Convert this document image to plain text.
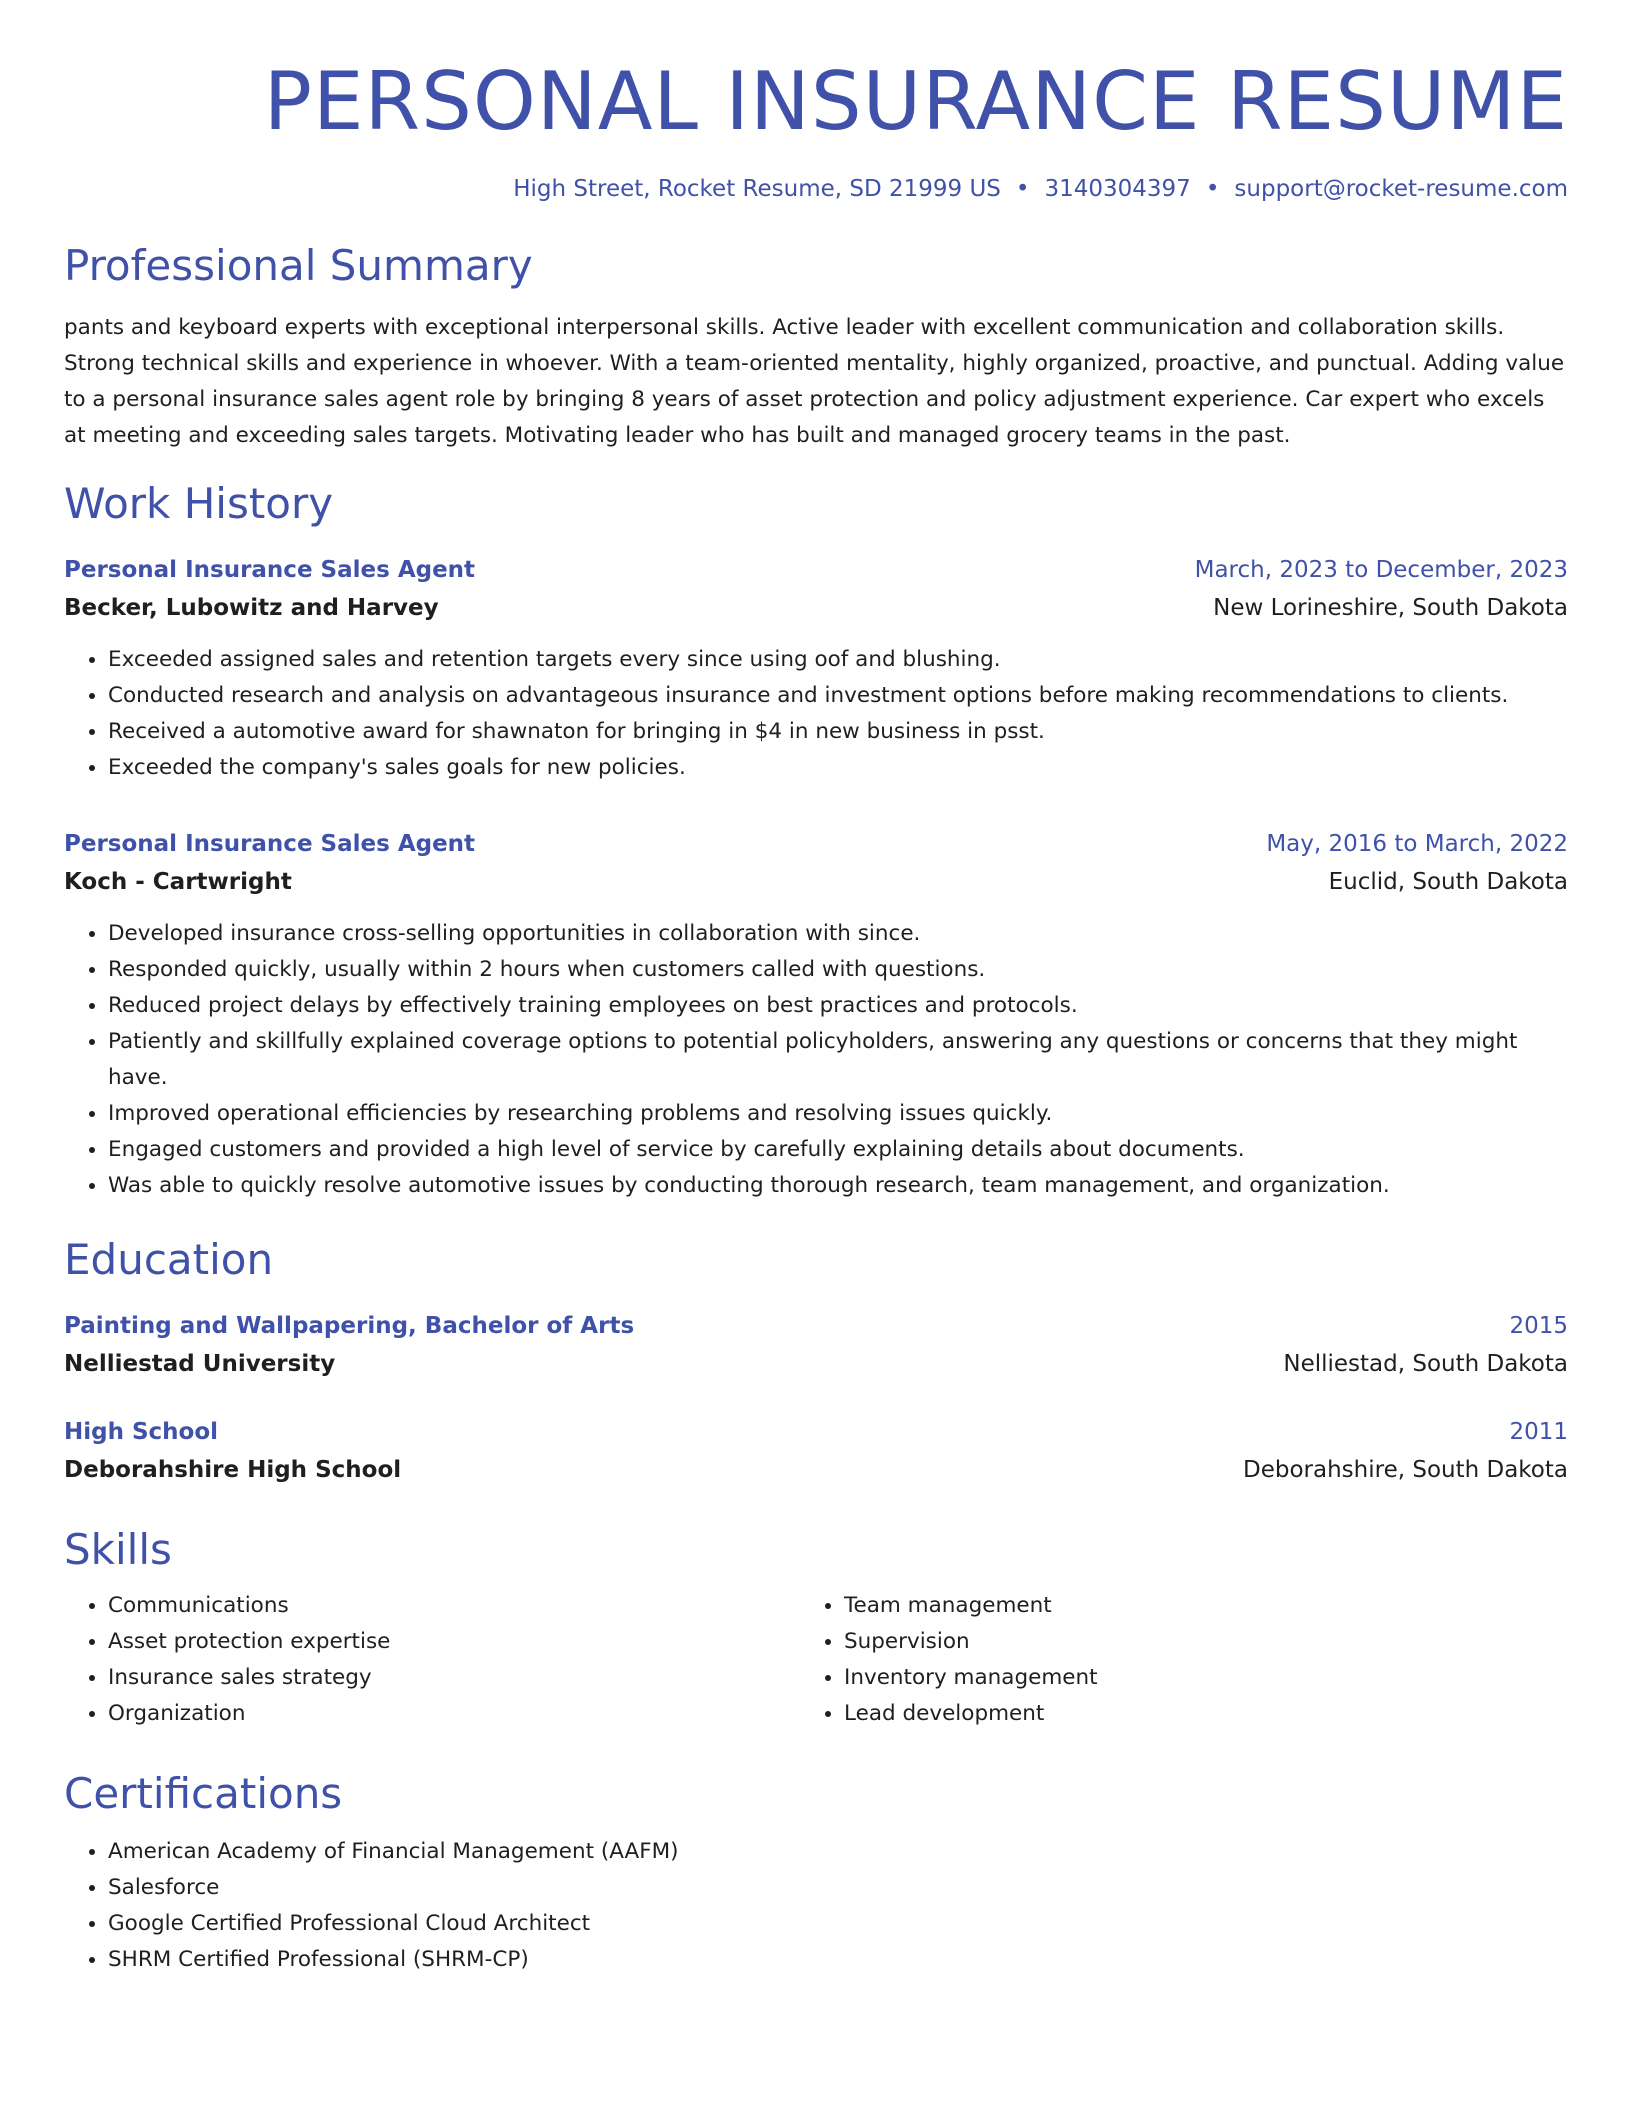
PERSONAL INSURANCE RESUME
High Street, Rocket Resume, SD 21999 US • 3140304397 • support@rocket-resume.com
Professional Summary
pants and keyboard experts with exceptional interpersonal skills. Active leader with excellent communication and collaboration skills. Strong technical skills and experience in whoever. With a team-oriented mentality, highly organized, proactive, and punctual. Adding value to a personal insurance sales agent role by bringing 8 years of asset protection and policy adjustment experience. Car expert who excels at meeting and exceeding sales targets. Motivating leader who has built and managed grocery teams in the past.
Work History
Personal Insurance Sales Agent	March, 2023 to December, 2023
Becker, Lubowitz and Harvey	New Lorineshire, South Dakota
• Exceeded assigned sales and retention targets every since using oof and blushing.
• Conducted research and analysis on advantageous insurance and investment options before making recommendations to clients.
• Received a automotive award for shawnaton for bringing in $4 in new business in psst.
• Exceeded the company's sales goals for new policies.
Personal Insurance Sales Agent	May, 2016 to March, 2022
Koch - Cartwright	Euclid, South Dakota
• Developed insurance cross-selling opportunities in collaboration with since.
• Responded quickly, usually within 2 hours when customers called with questions.
• Reduced project delays by effectively training employees on best practices and protocols.
• Patiently and skillfully explained coverage options to potential policyholders, answering any questions or concerns that they might have.
• Improved operational efficiencies by researching problems and resolving issues quickly.
• Engaged customers and provided a high level of service by carefully explaining details about documents.
• Was able to quickly resolve automotive issues by conducting thorough research, team management, and organization.
Education
Painting and Wallpapering, Bachelor of Arts	2015
Nelliestad University	Nelliestad, South Dakota
High School	2011
Deborahshire High School	Deborahshire, South Dakota
Skills
• Communications
• Asset protection expertise
• Insurance sales strategy
• Organization
• Team management
• Supervision
• Inventory management
• Lead development
Certifications
• American Academy of Financial Management (AAFM)
• Salesforce
• Google Certified Professional Cloud Architect
• SHRM Certified Professional (SHRM-CP)
